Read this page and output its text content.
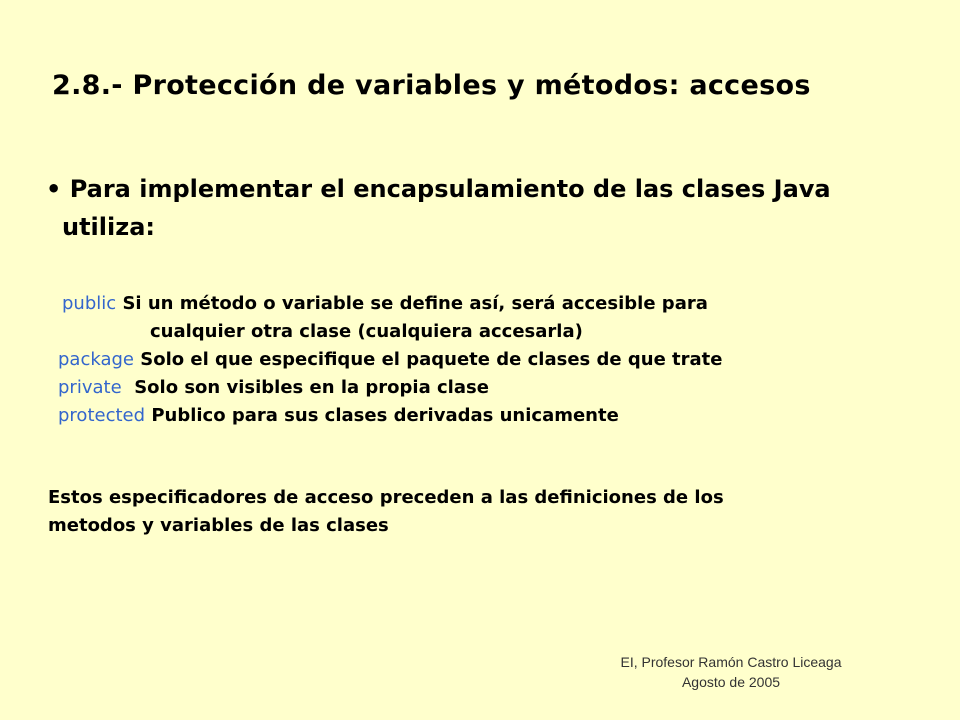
2.8.- Protección de variables y métodos: accesos
• Para implementar el encapsulamiento de las clases Java
utiliza:
public Si un método o variable se define así, será accesible para
cualquier otra clase (cualquiera accesarla)
package Solo el que especifique el paquete de clases de que trate
private Solo son visibles en la propia clase
protected Publico para sus clases derivadas unicamente
Estos especificadores de acceso preceden a las definiciones de los
metodos y variables de las clases
EI, Profesor Ramón Castro Liceaga
Agosto de 2005
